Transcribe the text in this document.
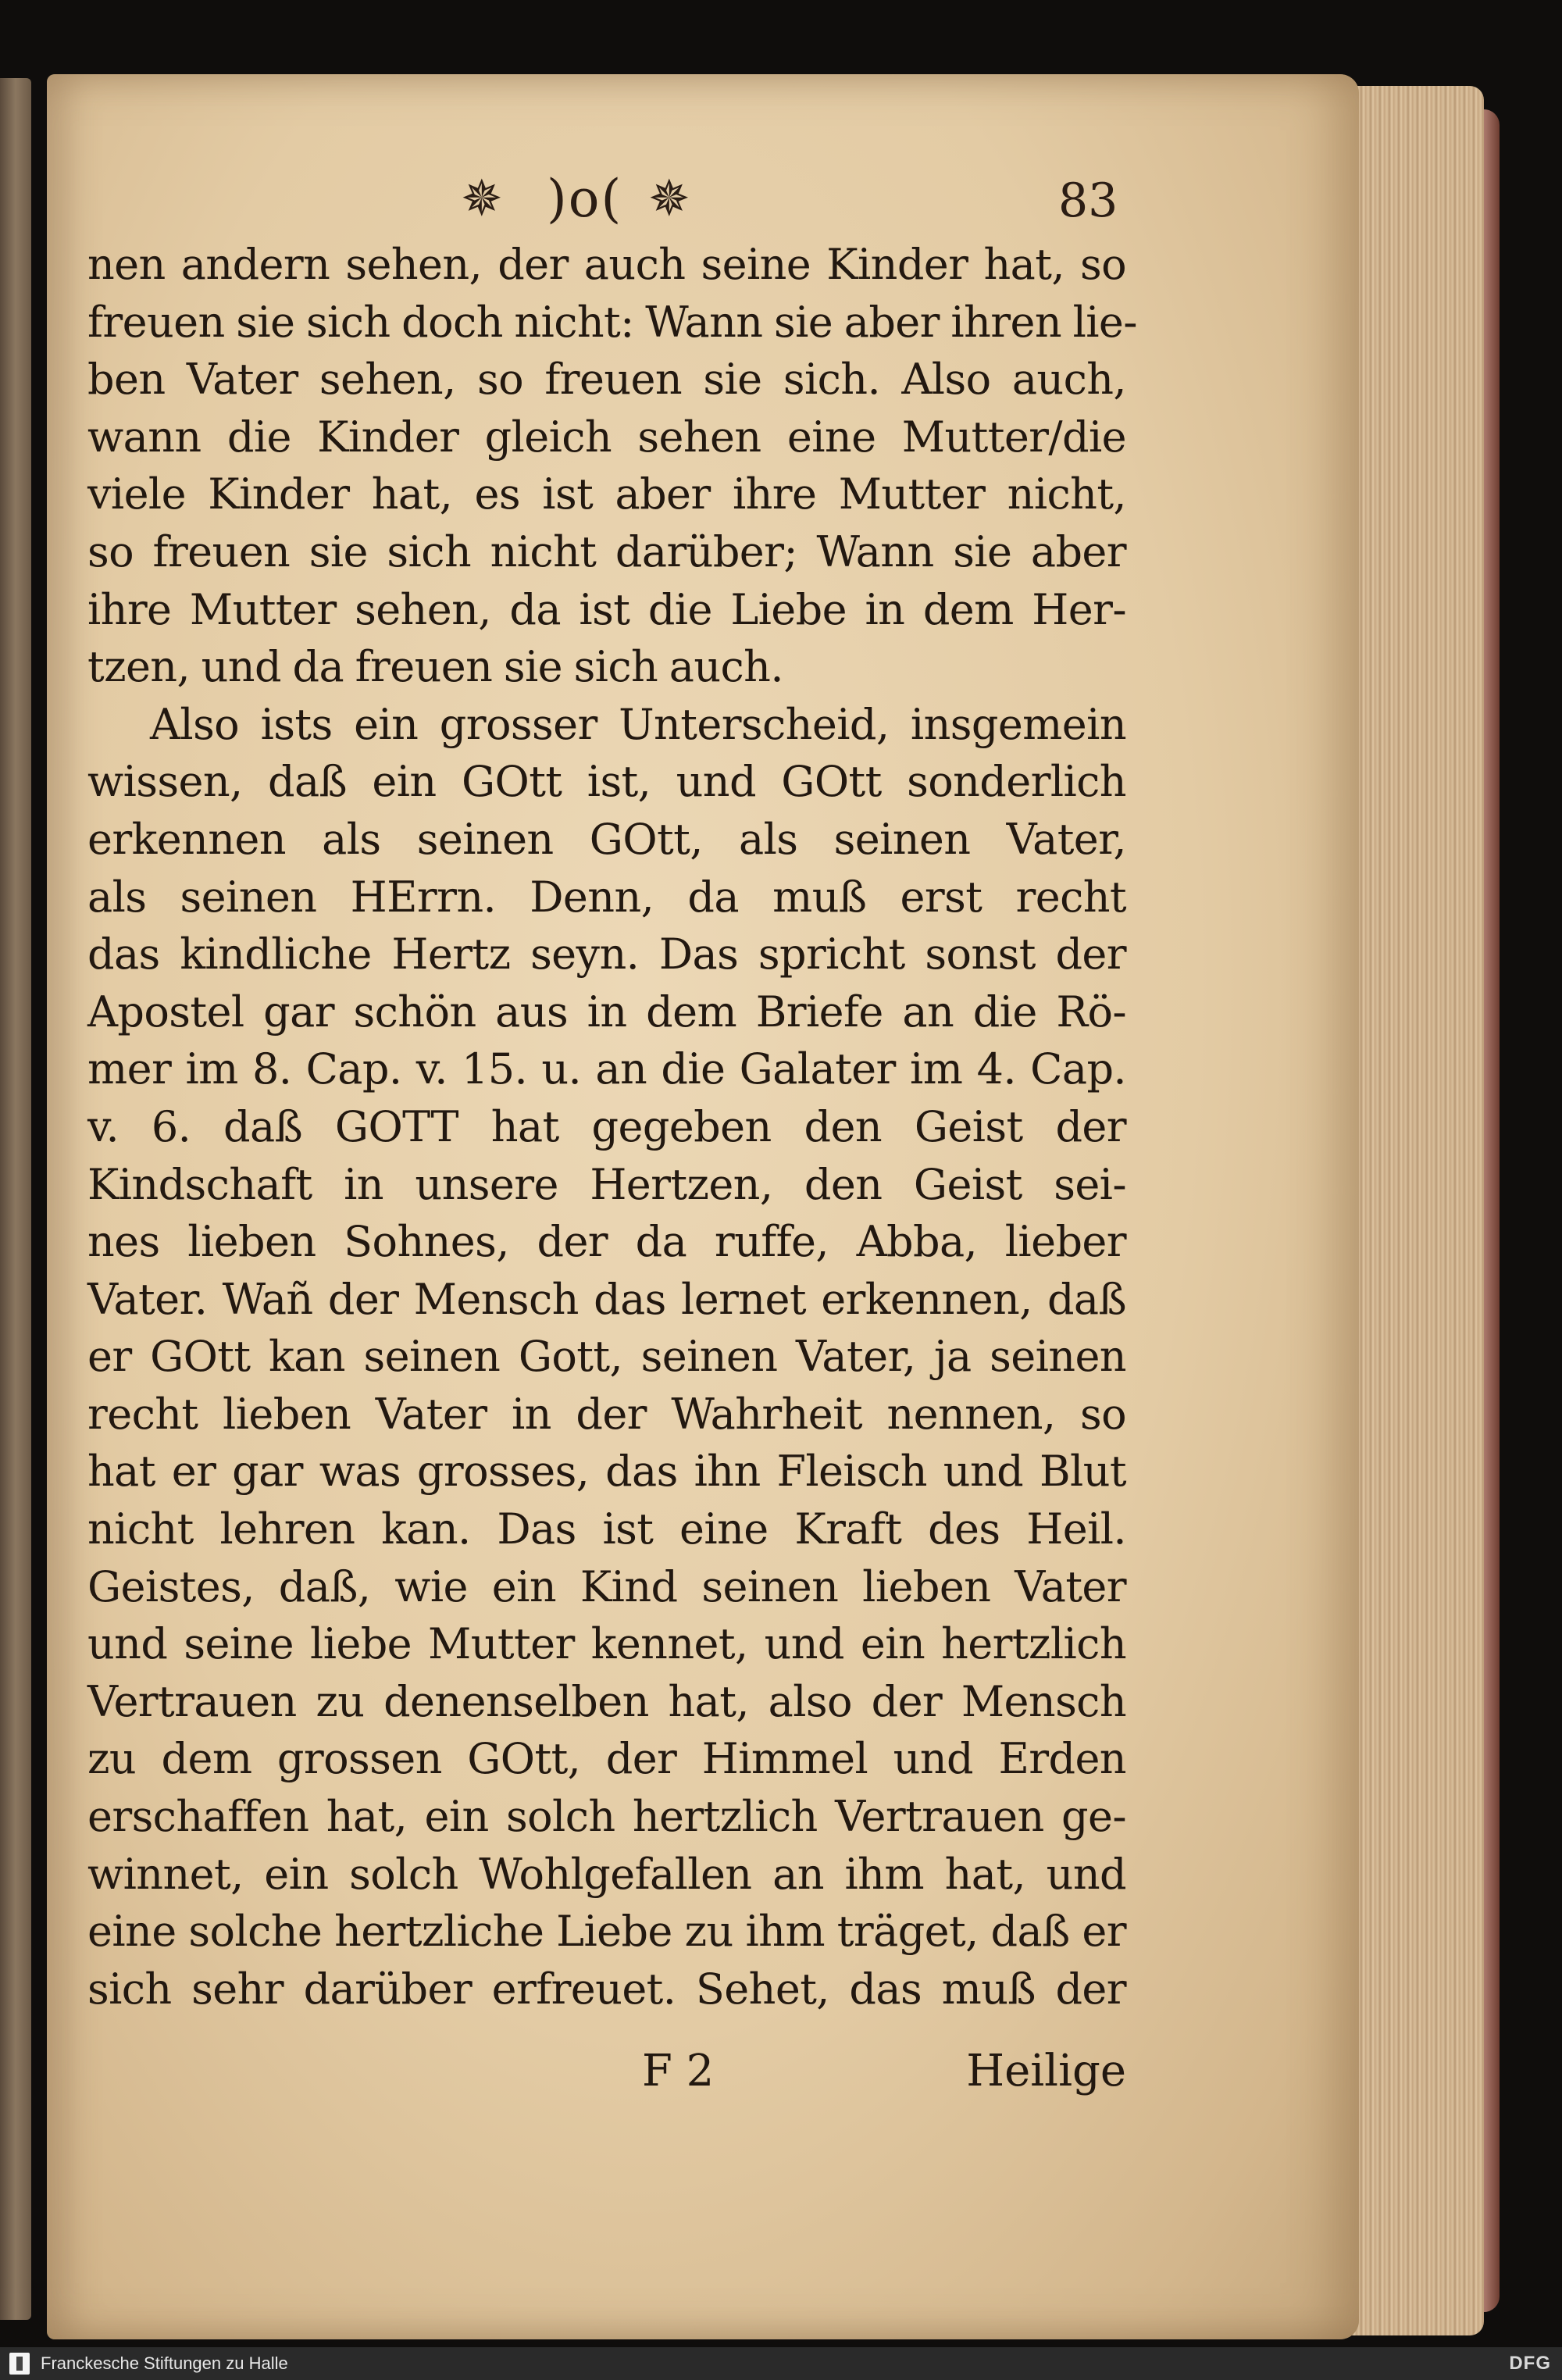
✵ )o( ✵	83
nen andern sehen, der auch seine Kinder hat, so
freuen sie sich doch nicht: Wann sie aber ihren lie-
ben Vater sehen, so freuen sie sich. Also auch,
wann die Kinder gleich sehen eine Mutter/die
viele Kinder hat, es ist aber ihre Mutter nicht,
so freuen sie sich nicht darüber; Wann sie aber
ihre Mutter sehen, da ist die Liebe in dem Her-
tzen, und da freuen sie sich auch.
Also ists ein grosser Unterscheid, insgemein
wissen, daß ein GOtt ist, und GOtt sonderlich
erkennen als seinen GOtt, als seinen Vater,
als seinen HErrn. Denn, da muß erst recht
das kindliche Hertz seyn. Das spricht sonst der
Apostel gar schön aus in dem Briefe an die Rö-
mer im 8. Cap. v. 15. u. an die Galater im 4. Cap.
v. 6. daß GOTT hat gegeben den Geist der
Kindschaft in unsere Hertzen, den Geist sei-
nes lieben Sohnes, der da ruffe, Abba, lieber
Vater. Wañ der Mensch das lernet erkennen, daß
er GOtt kan seinen Gott, seinen Vater, ja seinen
recht lieben Vater in der Wahrheit nennen, so
hat er gar was grosses, das ihn Fleisch und Blut
nicht lehren kan. Das ist eine Kraft des Heil.
Geistes, daß, wie ein Kind seinen lieben Vater
und seine liebe Mutter kennet, und ein hertzlich
Vertrauen zu denenselben hat, also der Mensch
zu dem grossen GOtt, der Himmel und Erden
erschaffen hat, ein solch hertzlich Vertrauen ge-
winnet, ein solch Wohlgefallen an ihm hat, und
eine solche hertzliche Liebe zu ihm träget, daß er
sich sehr darüber erfreuet. Sehet, das muß der
F 2	Heilige
Franckesche Stiftungen zu Halle	DFG
